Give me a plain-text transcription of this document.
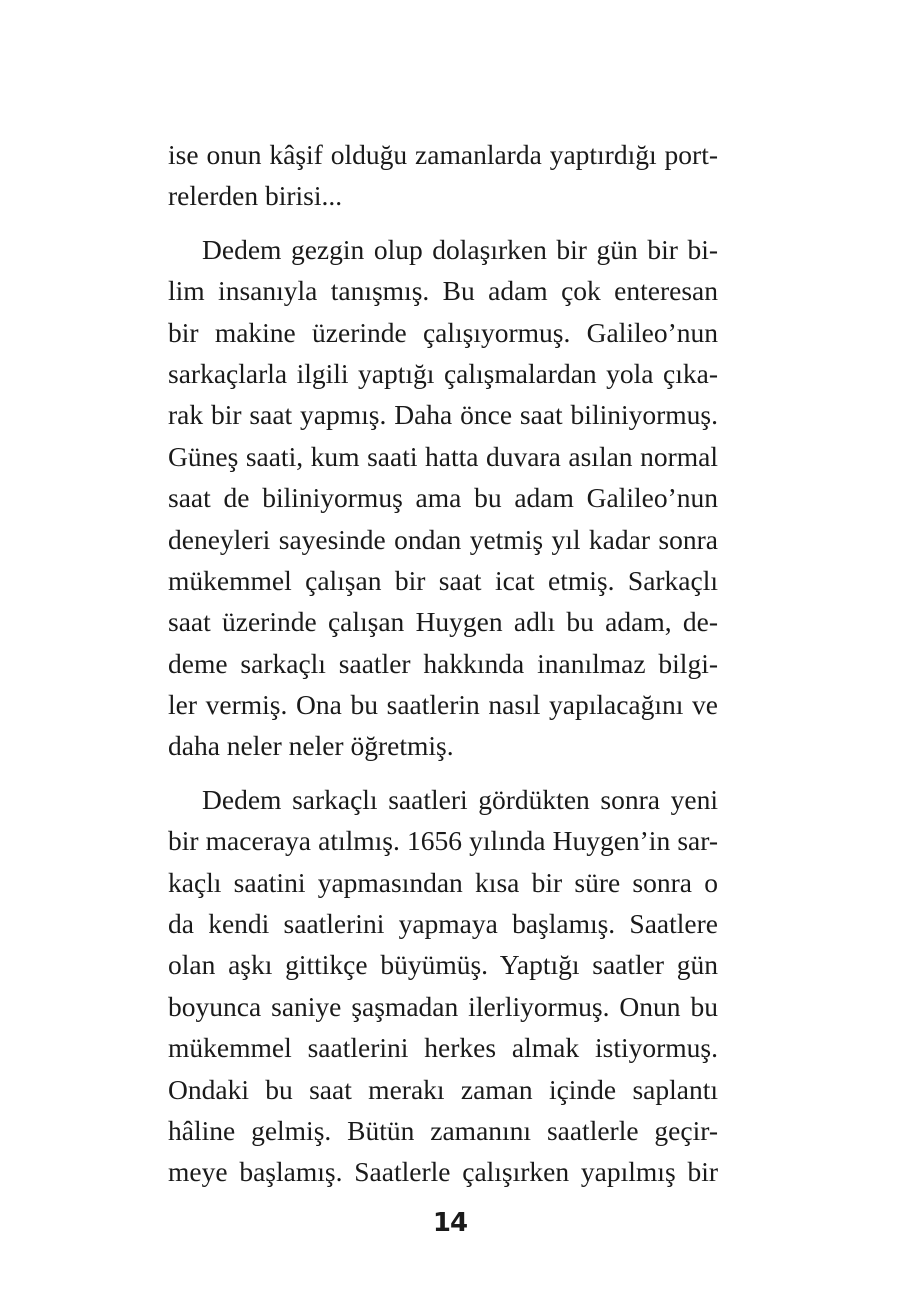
ise onun kâşif olduğu zamanlarda yaptırdığı port-
relerden birisi...
Dedem gezgin olup dolaşırken bir gün bir bi-
lim insanıyla tanışmış. Bu adam çok enteresan
bir makine üzerinde çalışıyormuş. Galileo’nun
sarkaçlarla ilgili yaptığı çalışmalardan yola çıka-
rak bir saat yapmış. Daha önce saat biliniyormuş.
Güneş saati, kum saati hatta duvara asılan normal
saat de biliniyormuş ama bu adam Galileo’nun
deneyleri sayesinde ondan yetmiş yıl kadar sonra
mükemmel çalışan bir saat icat etmiş. Sarkaçlı
saat üzerinde çalışan Huygen adlı bu adam, de-
deme sarkaçlı saatler hakkında inanılmaz bilgi-
ler vermiş. Ona bu saatlerin nasıl yapılacağını ve
daha neler neler öğretmiş.
Dedem sarkaçlı saatleri gördükten sonra yeni
bir maceraya atılmış. 1656 yılında Huygen’in sar-
kaçlı saatini yapmasından kısa bir süre sonra o
da kendi saatlerini yapmaya başlamış. Saatlere
olan aşkı gittikçe büyümüş. Yaptığı saatler gün
boyunca saniye şaşmadan ilerliyormuş. Onun bu
mükemmel saatlerini herkes almak istiyormuş.
Ondaki bu saat merakı zaman içinde saplantı
hâline gelmiş. Bütün zamanını saatlerle geçir-
meye başlamış. Saatlerle çalışırken yapılmış bir
14
